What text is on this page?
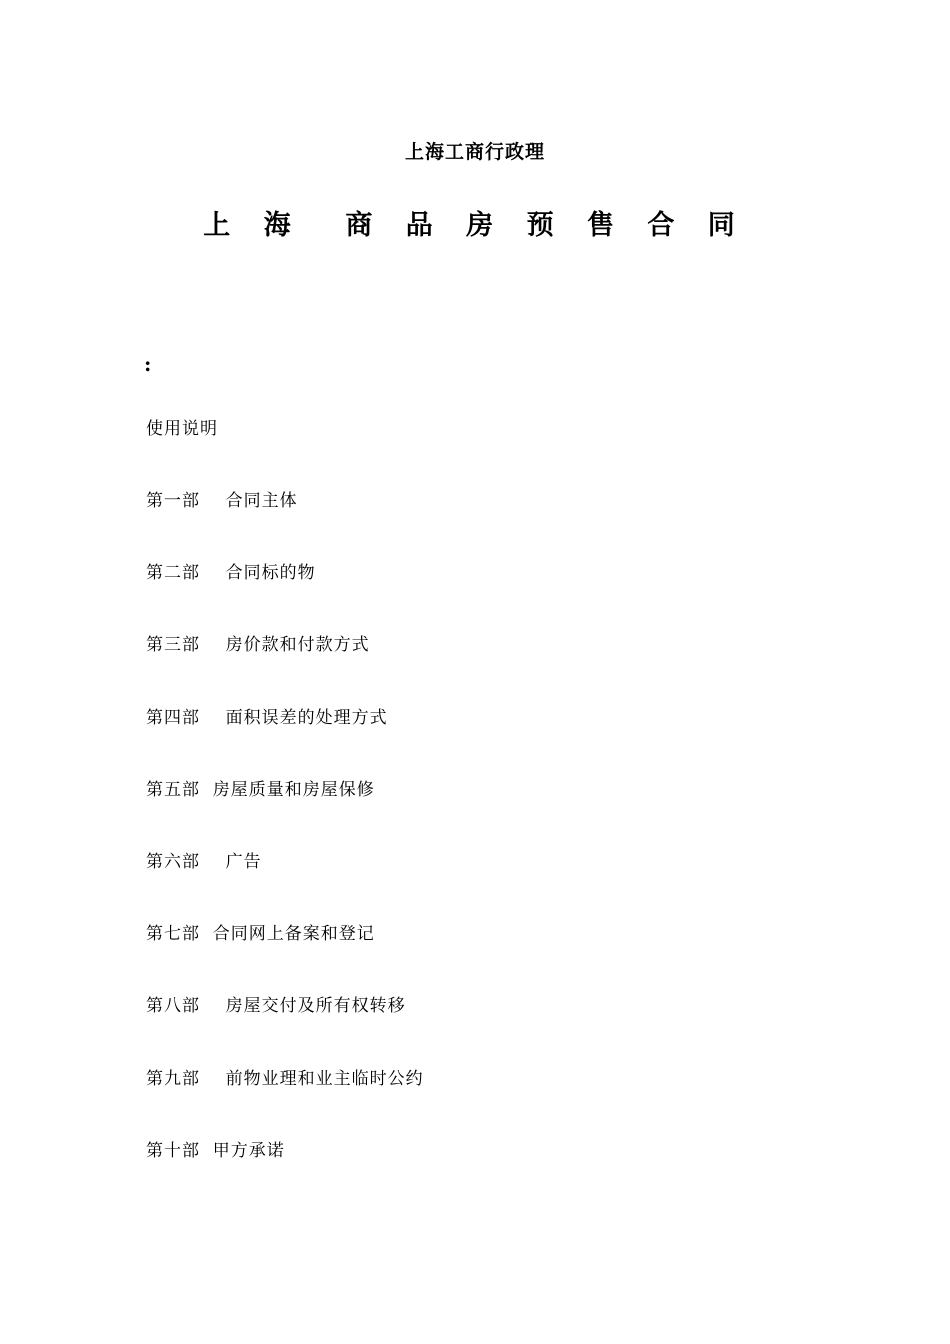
上海工商行政理
上 海  商 品 房 预 售 合 同
:
使用说明
第一部    合同主体
第二部    合同标的物
第三部    房价款和付款方式
第四部    面积误差的处理方式
第五部  房屋质量和房屋保修
第六部    广告
第七部  合同网上备案和登记
第八部    房屋交付及所有权转移
第九部    前物业理和业主临时公约
第十部  甲方承诺
